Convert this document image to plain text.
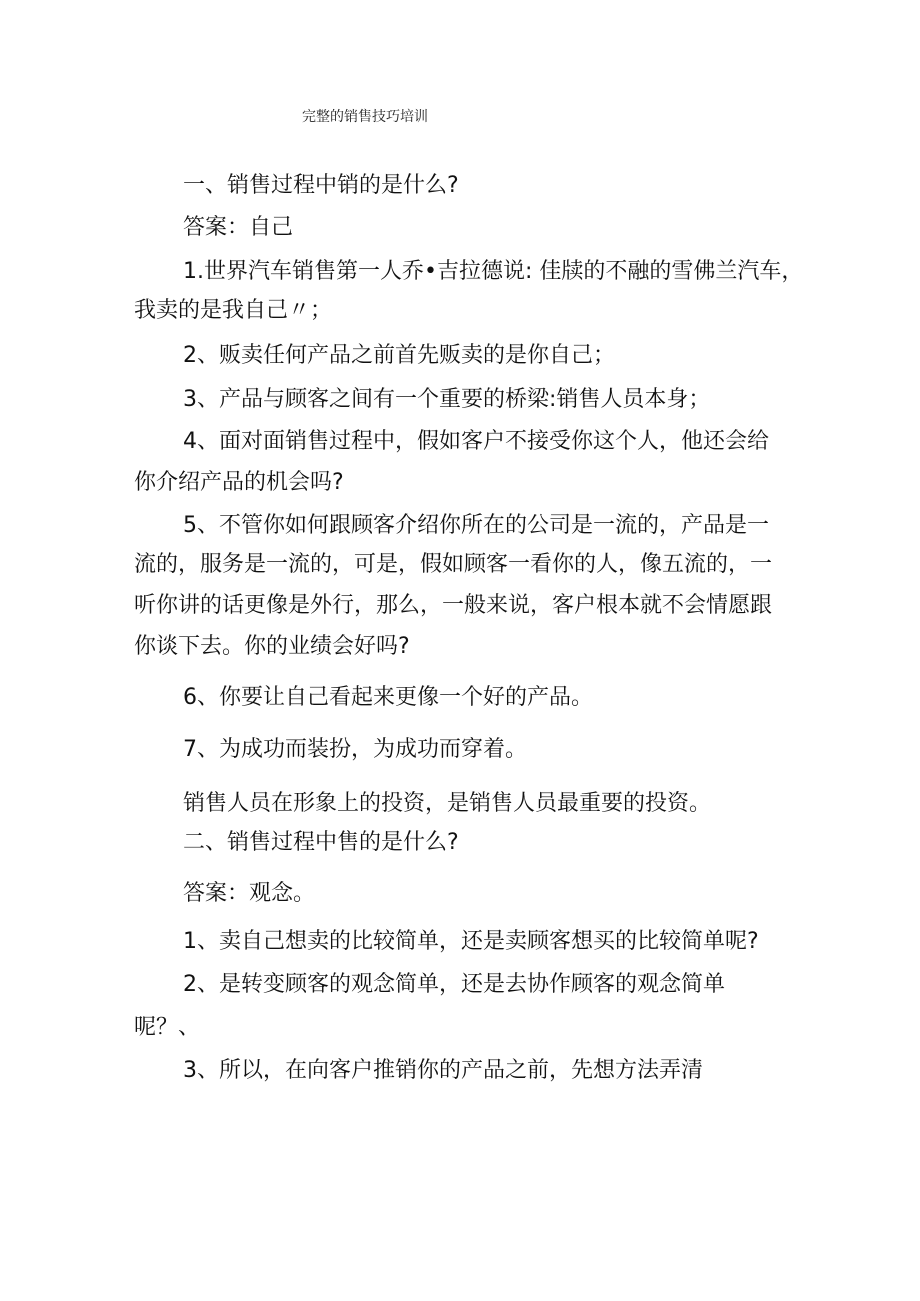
完整的销售技巧培训

一、销售过程中销的是什么?

答案：自己

1.世界汽车销售第一人乔•吉拉德说: 佳牍的不融的雪佛兰汽车，

我卖的是我自己〃；

2、贩卖任何产品之前首先贩卖的是你自己；

3、产品与顾客之间有一个重要的桥梁:销售人员本身；

4、面对面销售过程中，假如客户不接受你这个人，他还会给

你介绍产品的机会吗?

5、不管你如何跟顾客介绍你所在的公司是一流的，产品是一

流的，服务是一流的，可是，假如顾客一看你的人，像五流的，一

听你讲的话更像是外行，那么，一般来说，客户根本就不会情愿跟

你谈下去。你的业绩会好吗?

6、你要让自己看起来更像一个好的产品。

7、为成功而装扮，为成功而穿着。

销售人员在形象上的投资，是销售人员最重要的投资。

二、销售过程中售的是什么?

答案：观念。

1、卖自己想卖的比较简单，还是卖顾客想买的比较简单呢?

2、是转变顾客的观念简单，还是去协作顾客的观念简单

呢？、

3、所以，在向客户推销你的产品之前，先想方法弄清
